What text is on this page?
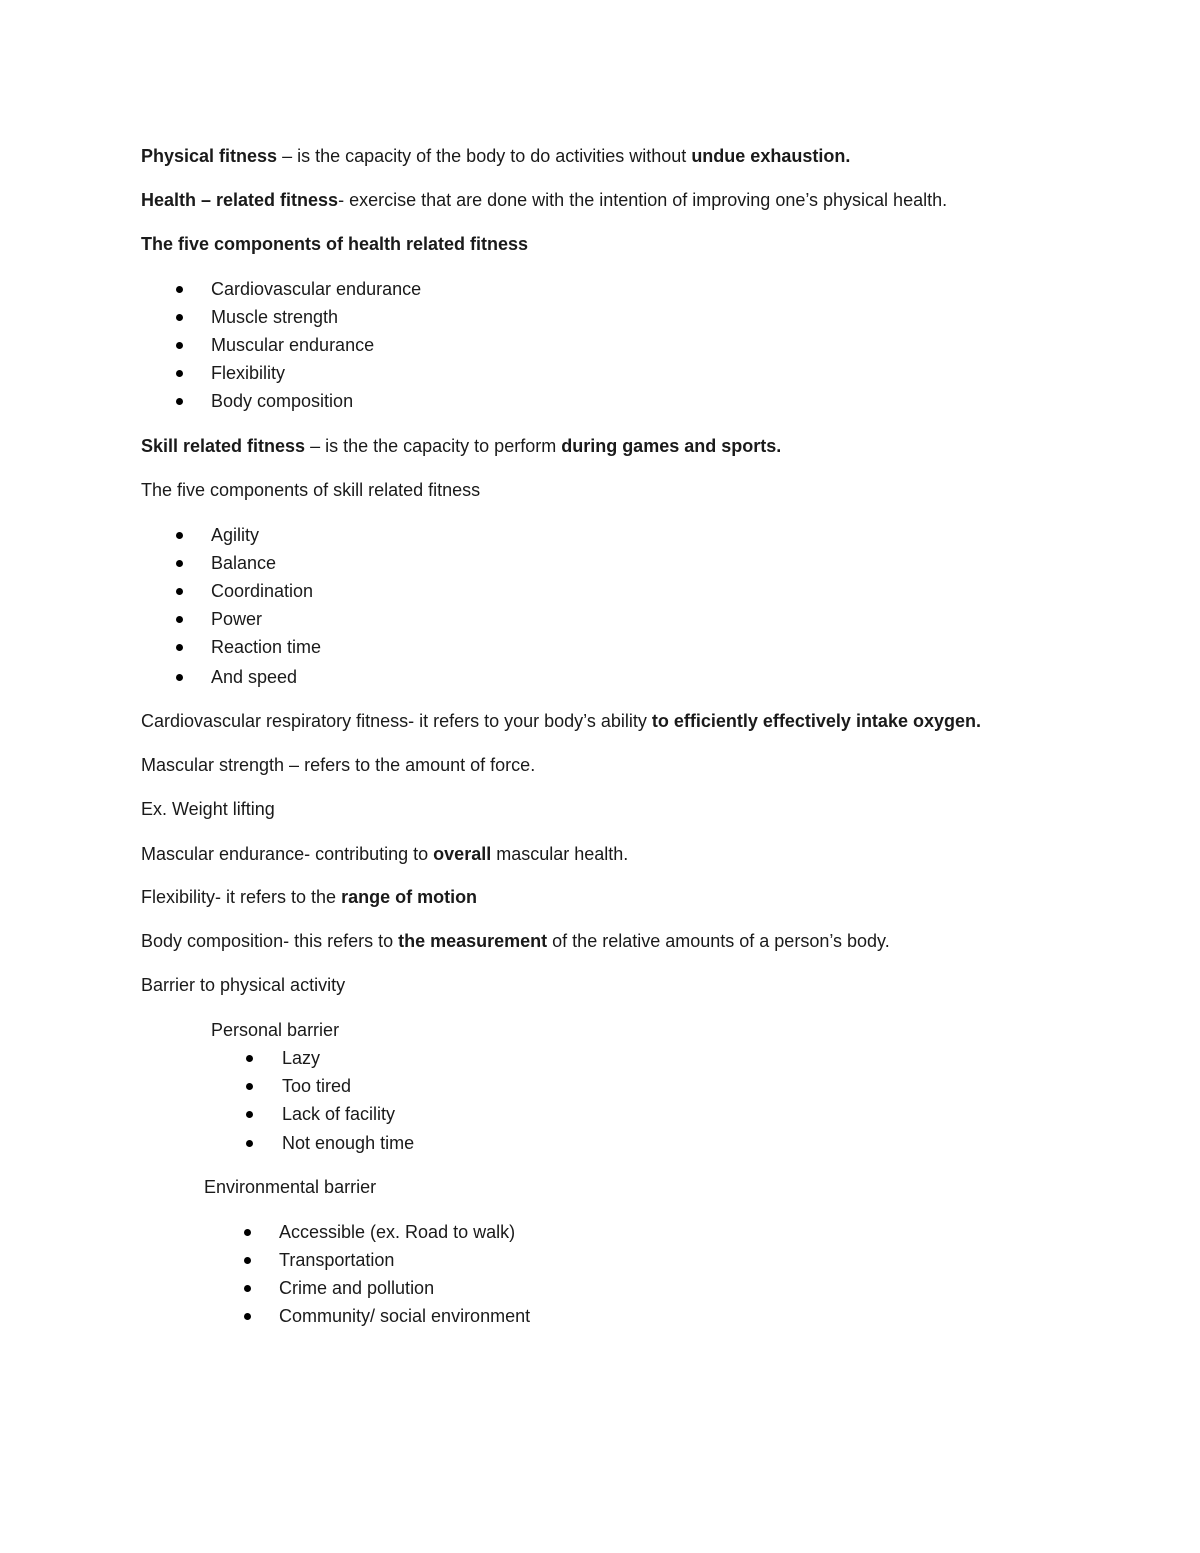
Physical fitness – is the capacity of the body to do activities without undue exhaustion.
Health – related fitness- exercise that are done with the intention of improving one’s physical health.
The five components of health related fitness
Cardiovascular endurance
Muscle strength
Muscular endurance
Flexibility
Body composition
Skill related fitness – is the the capacity to perform during games and sports.
The five components of skill related fitness
Agility
Balance
Coordination
Power
Reaction time
And speed
Cardiovascular respiratory fitness- it refers to your body’s ability to efficiently effectively intake oxygen.
Mascular strength – refers to the amount of force.
Ex. Weight lifting
Mascular endurance- contributing to overall mascular health.
Flexibility- it refers to the range of motion
Body composition- this refers to the measurement of the relative amounts of a person’s body.
Barrier to physical activity
Personal barrier
Lazy
Too tired
Lack of facility
Not enough time
Environmental barrier
Accessible (ex. Road to walk)
Transportation
Crime and pollution
Community/ social environment
